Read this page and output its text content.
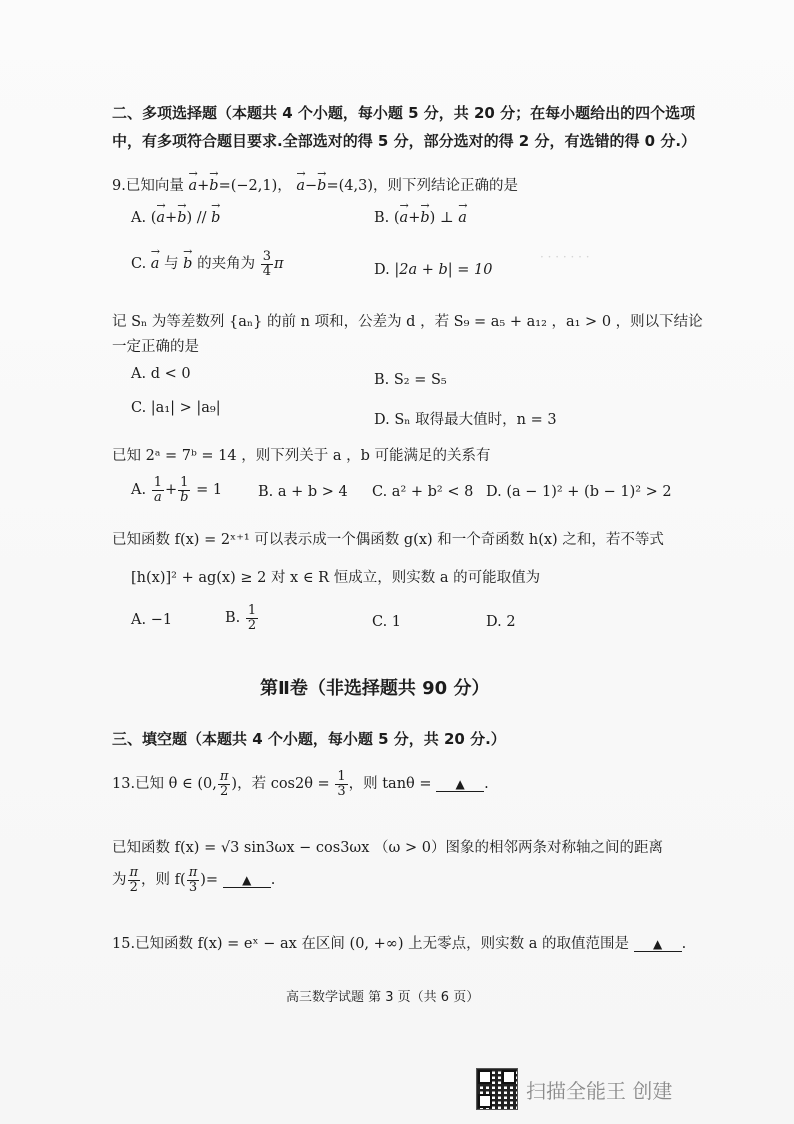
· · · · · · ·
二、多项选择题（本题共 4 个小题，每小题 5 分，共 20 分；在每小题给出的四个选项
中，有多项符合题目要求.全部选对的得 5 分，部分选对的得 2 分，有选错的得 0 分.）
9.已知向量 → a+→ b=(−2,1)， → a−→ b=(4,3)，则下列结论正确的是
A. (→ a+→ b) // → b	B. (→ a+→ b) ⊥ → a
C. → a 与 → b 的夹角为 $\frac{3}{4}$ π	D. |2a + b| = 10
记 Sₙ 为等差数列 {aₙ} 的前 n 项和，公差为 d ，若 S₉ = a₅ + a₁₂ ，a₁ > 0 ，则以下结论
一定正确的是
A. d < 0	B. S₂ = S₅
C. |a₁| > |a₉|
D. Sₙ 取得最大值时，n = 3
已知 2ᵃ = 7ᵇ = 14 ，则下列关于 a ，b 可能满足的关系有
A. $\frac{1}{a} + \frac{1}{b} = 1$ B. a + b > 4 C. a² + b² < 8 D. (a − 1)² + (b − 1)² > 2
已知函数 f(x) = 2ˣ⁺¹ 可以表示成一个偶函数 g(x) 和一个奇函数 h(x) 之和，若不等式
[h(x)]² + ag(x) ≥ 2 对 x ∈ R 恒成立，则实数 a 的可能取值为
A. −1	B. $\frac{1}{2}$	C. 1	D. 2
第Ⅱ卷（非选择题共 90 分）
三、填空题（本题共 4 个小题，每小题 5 分，共 20 分.）
13.已知 θ ∈ (0, $\frac{\pi}{2}$ )，若 $\cos 2\theta = \frac{1}{3}$ ，则 tanθ = ▲ .
已知函数 f(x) = √3 sin3ωx − cos3ωx （ω > 0）图象的相邻两条对称轴之间的距离
为 $\frac{\pi}{2}$ ，则 $f( \frac{\pi}{3}$ )= ▲ .
15.已知函数 f(x) = eˣ − ax 在区间 (0, +∞) 上无零点，则实数 a 的取值范围是 ▲ .
高三数学试题 第 3 页（共 6 页）
扫描全能王 创建
